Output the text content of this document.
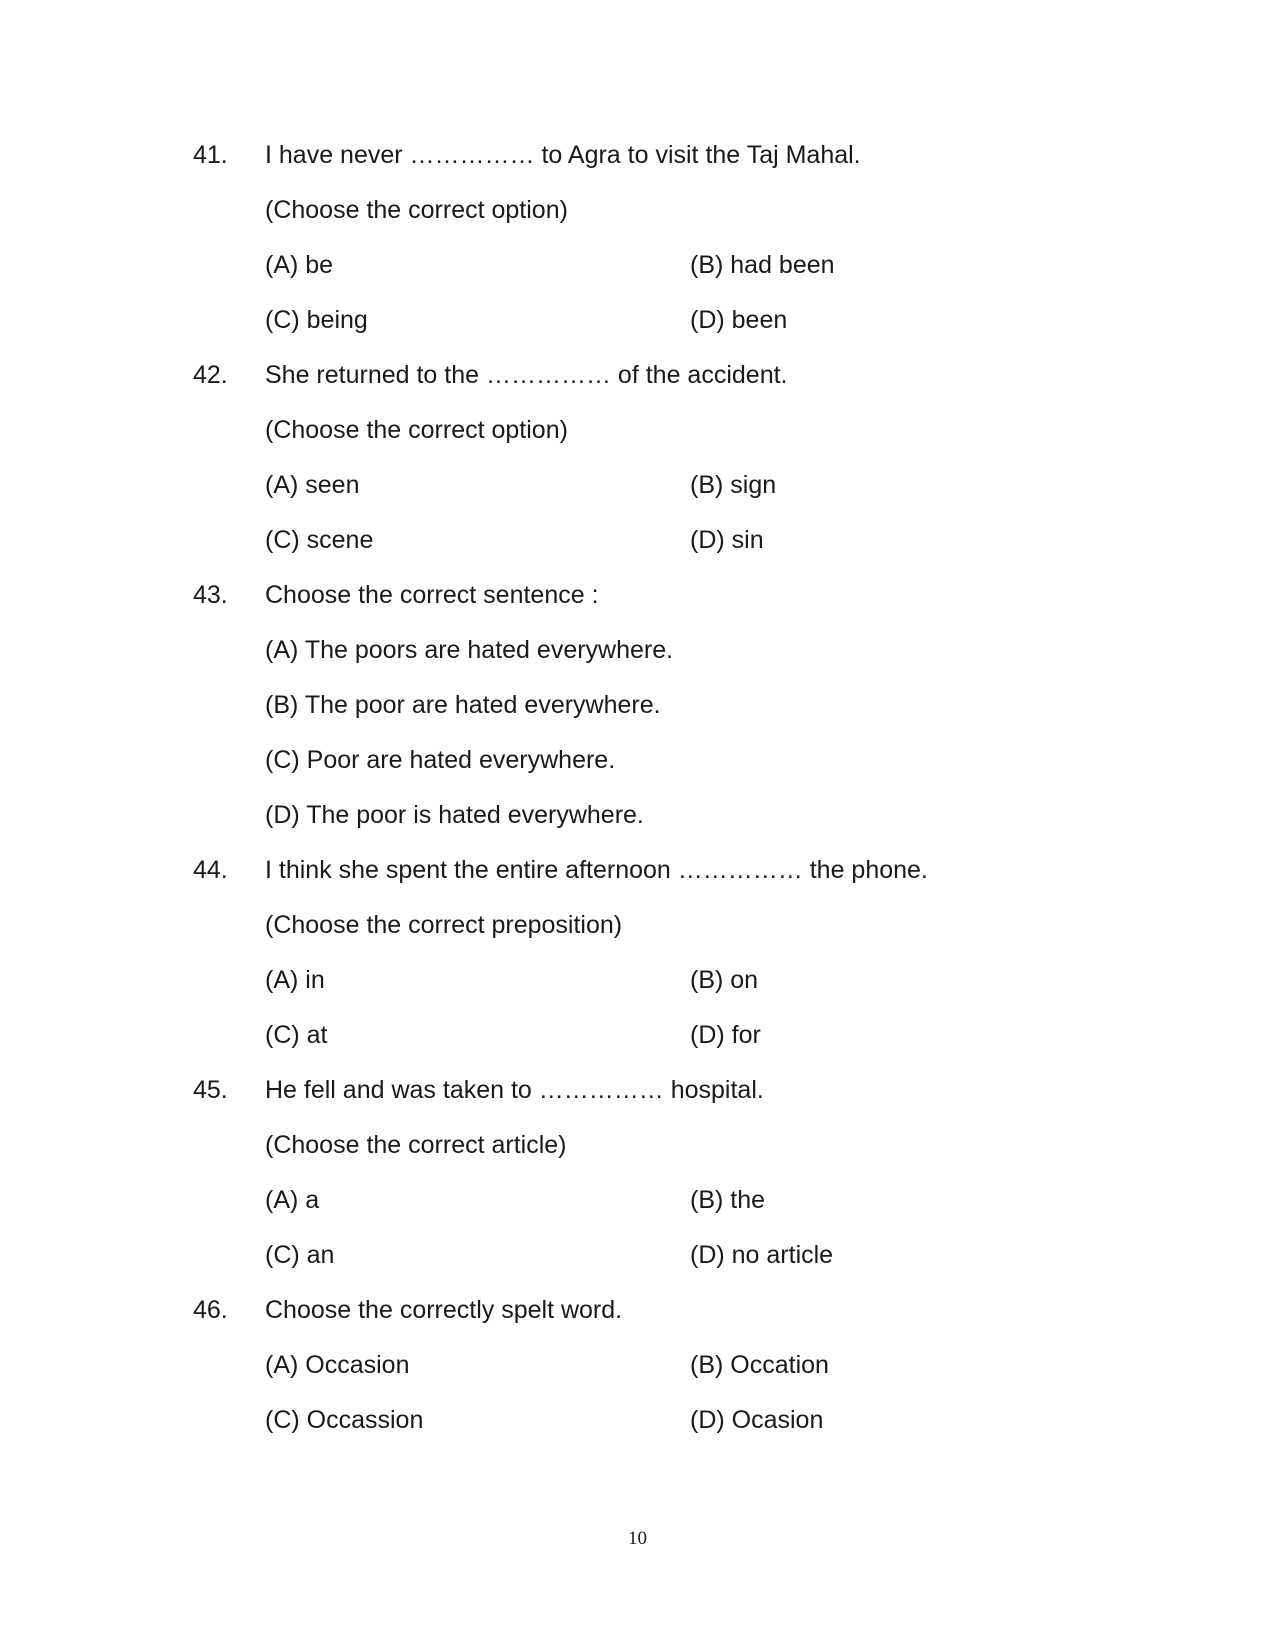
41. I have never …………… to Agra to visit the Taj Mahal.
(Choose the correct option)
(A) be	(B) had been
(C) being	(D) been
42. She returned to the …………… of the accident.
(Choose the correct option)
(A) seen	(B) sign
(C) scene	(D) sin
43. Choose the correct sentence :
(A) The poors are hated everywhere.
(B) The poor are hated everywhere.
(C) Poor are hated everywhere.
(D) The poor is hated everywhere.
44. I think she spent the entire afternoon …………… the phone.
(Choose the correct preposition)
(A) in	(B) on
(C) at	(D) for
45. He fell and was taken to …………… hospital.
(Choose the correct article)
(A) a	(B) the
(C) an	(D) no article
46. Choose the correctly spelt word.
(A) Occasion	(B) Occation
(C) Occassion	(D) Ocasion
10
